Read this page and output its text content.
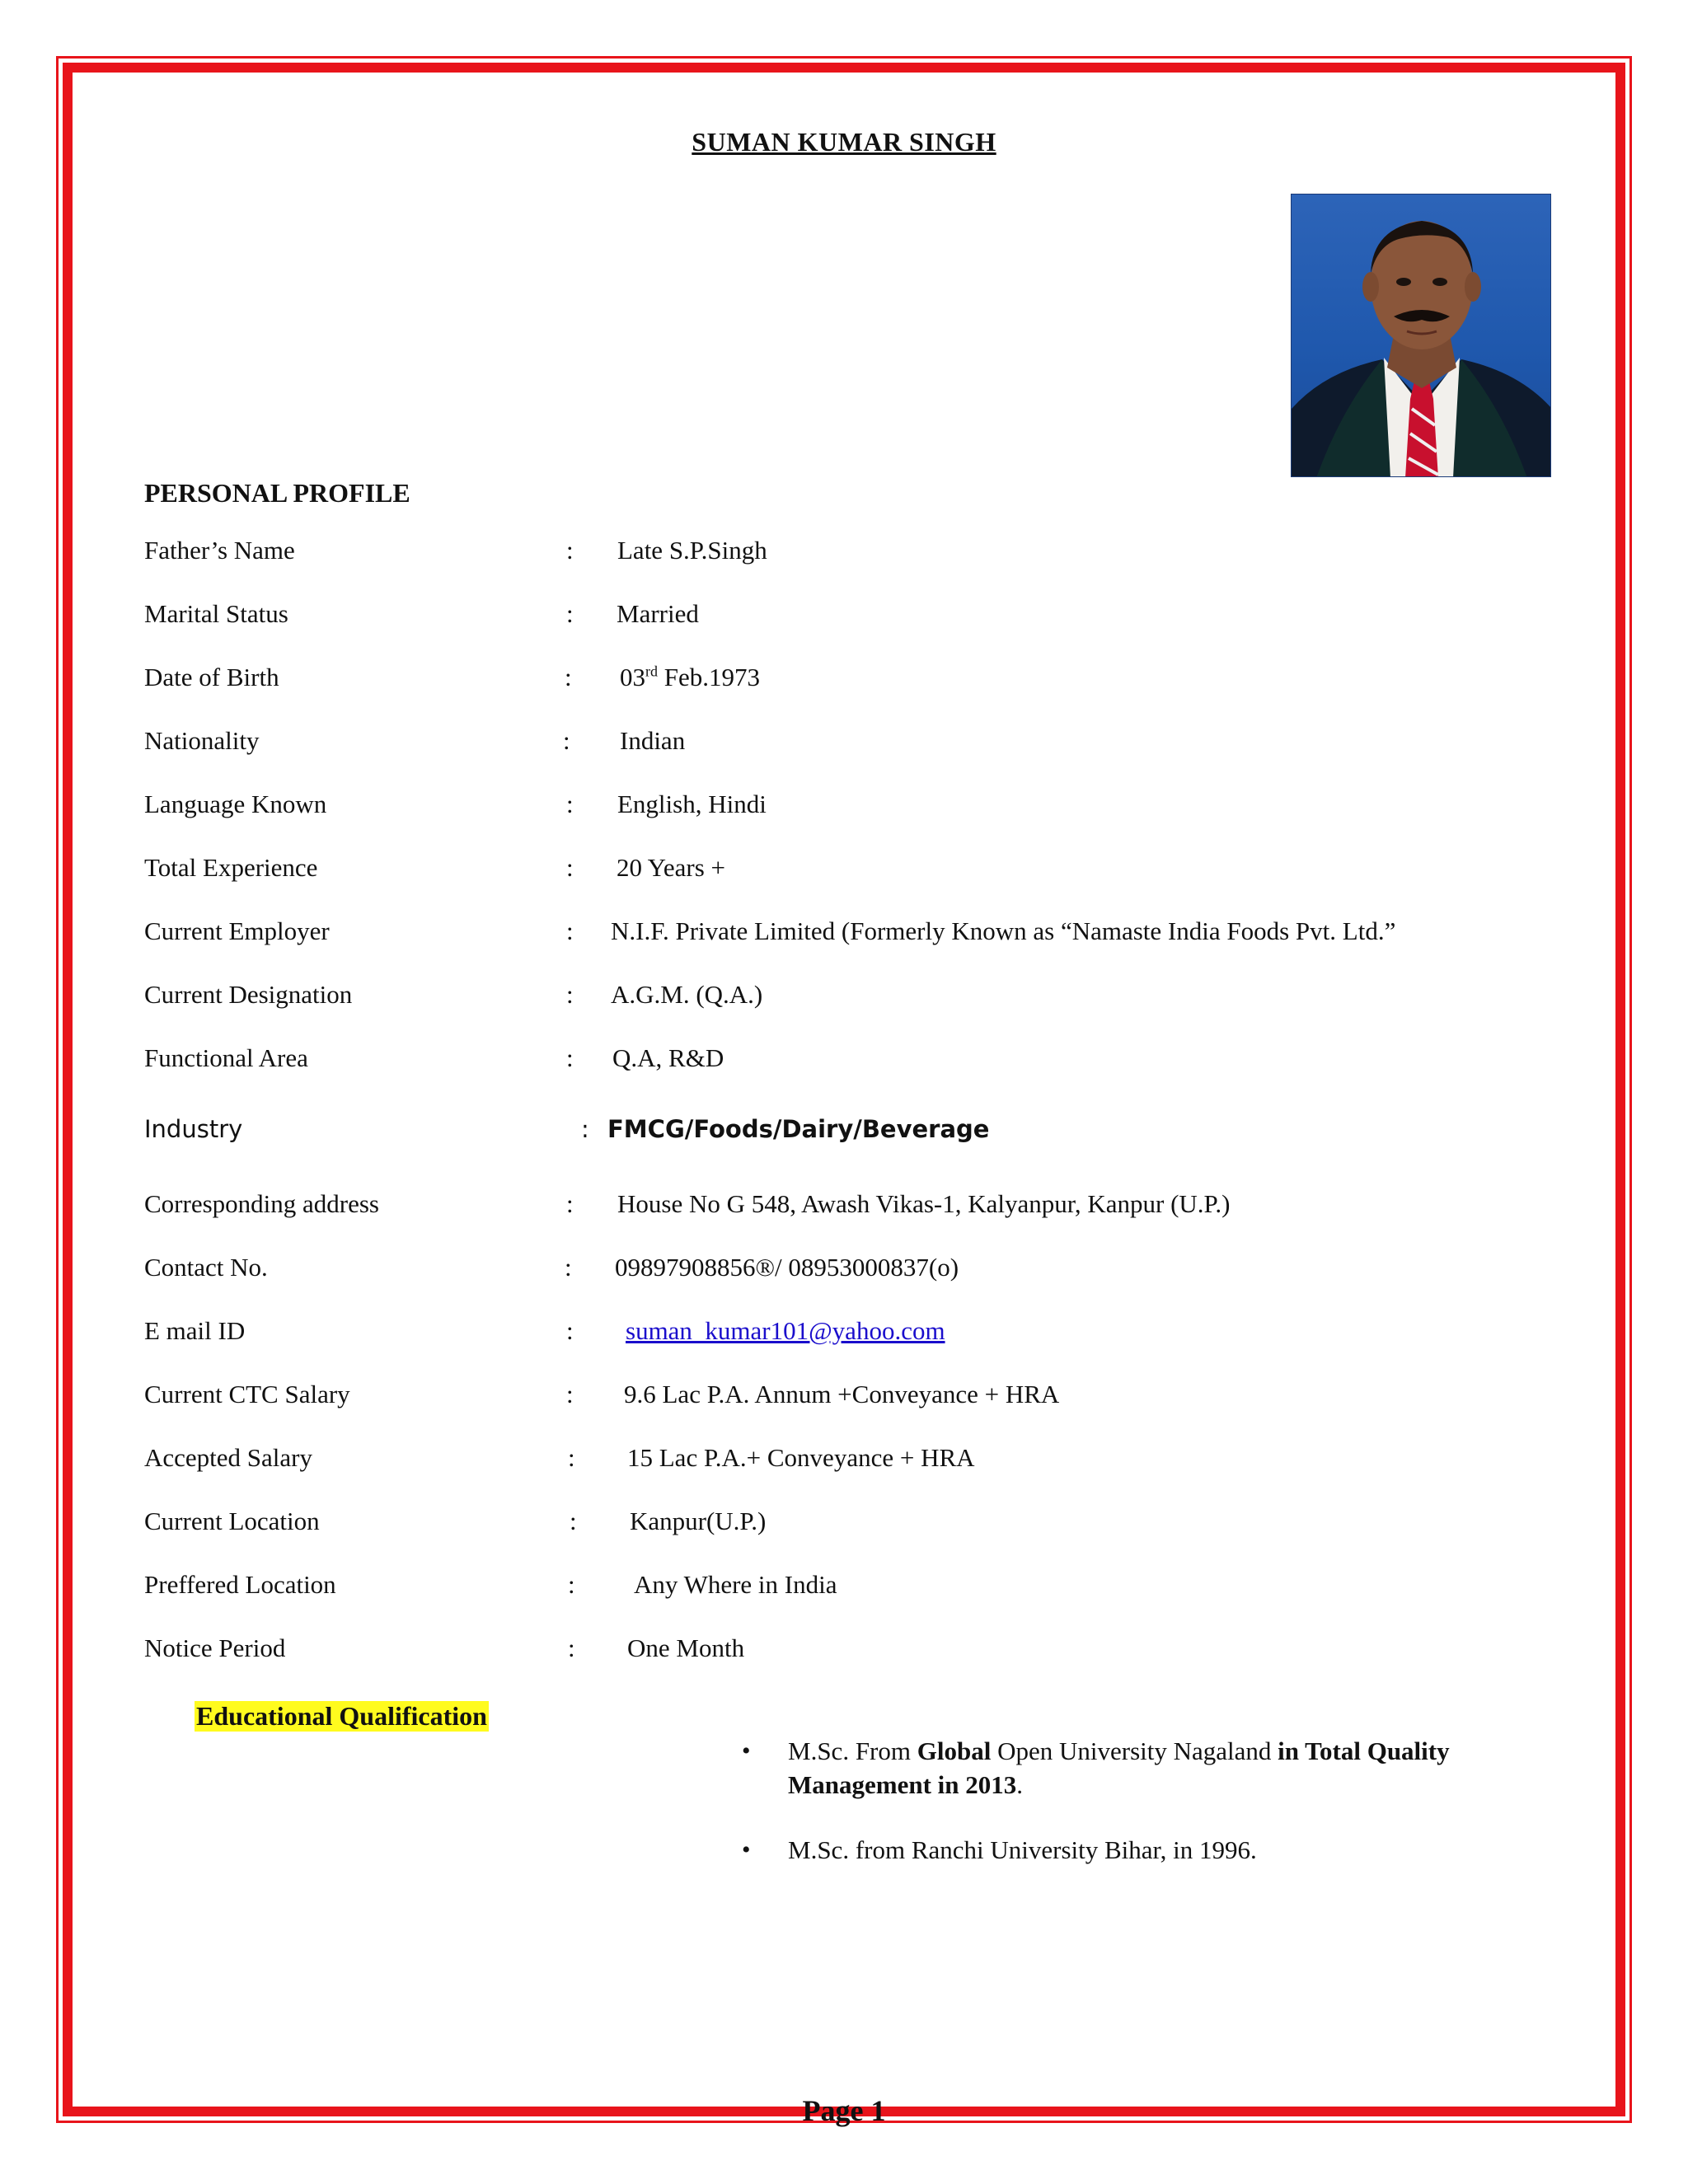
SUMAN KUMAR SINGH
PERSONAL PROFILE
Father’s Name	: Late S.P.Singh
Marital Status	: Married
Date of Birth	: 03rd Feb.1973
Nationality	: Indian
Language Known	: English, Hindi
Total Experience	: 20 Years +
Current Employer	: N.I.F. Private Limited (Formerly Known as “Namaste India Foods Pvt. Ltd.”
Current Designation	: A.G.M. (Q.A.)
Functional Area	: Q.A, R&D
Industry	: FMCG/Foods/Dairy/Beverage
Corresponding address	: House No G 548, Awash Vikas-1, Kalyanpur, Kanpur (U.P.)
Contact No.	: 09897908856®/ 08953000837(o)
E mail ID	: suman_kumar101@yahoo.com
Current CTC Salary	: 9.6 Lac P.A. Annum +Conveyance + HRA
Accepted Salary	: 15 Lac P.A.+ Conveyance + HRA
Current Location	: Kanpur(U.P.)
Preffered Location	: Any Where in India
Notice Period	: One Month
Educational Qualification
• M.Sc. From Global Open University Nagaland in Total Quality Management in 2013.
• M.Sc. from Ranchi University Bihar, in 1996.
Page 1
